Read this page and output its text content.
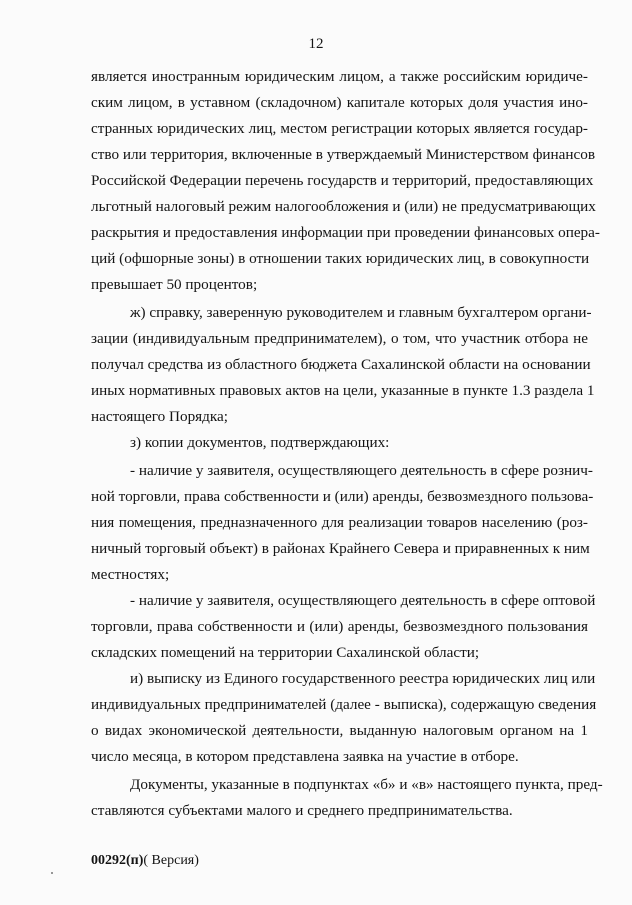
12
является иностранным юридическим лицом, а также российским юридиче-
ским лицом, в уставном (складочном) капитале которых доля участия ино-
странных юридических лиц, местом регистрации которых является государ-
ство или территория, включенные в утверждаемый Министерством финансов
Российской Федерации перечень государств и территорий, предоставляющих
льготный налоговый режим налогообложения и (или) не предусматривающих
раскрытия и предоставления информации при проведении финансовых опера-
ций (офшорные зоны) в отношении таких юридических лиц, в совокупности
превышает 50 процентов;
ж) справку, заверенную руководителем и главным бухгалтером органи-
зации (индивидуальным предпринимателем), о том, что участник отбора не
получал средства из областного бюджета Сахалинской области на основании
иных нормативных правовых актов на цели, указанные в пункте 1.3 раздела 1
настоящего Порядка;
з) копии документов, подтверждающих:
- наличие у заявителя, осуществляющего деятельность в сфере рознич-
ной торговли, права собственности и (или) аренды, безвозмездного пользова-
ния помещения, предназначенного для реализации товаров населению (роз-
ничный торговый объект) в районах Крайнего Севера и приравненных к ним
местностях;
- наличие у заявителя, осуществляющего деятельность в сфере оптовой
торговли, права собственности и (или) аренды, безвозмездного пользования
складских помещений на территории Сахалинской области;
и) выписку из Единого государственного реестра юридических лиц или
индивидуальных предпринимателей (далее - выписка), содержащую сведения
о видах экономической деятельности, выданную налоговым органом на 1
число месяца, в котором представлена заявка на участие в отборе.
Документы, указанные в подпунктах «б» и «в» настоящего пункта, пред-
ставляются субъектами малого и среднего предпринимательства.
00292(п)( Версия)
